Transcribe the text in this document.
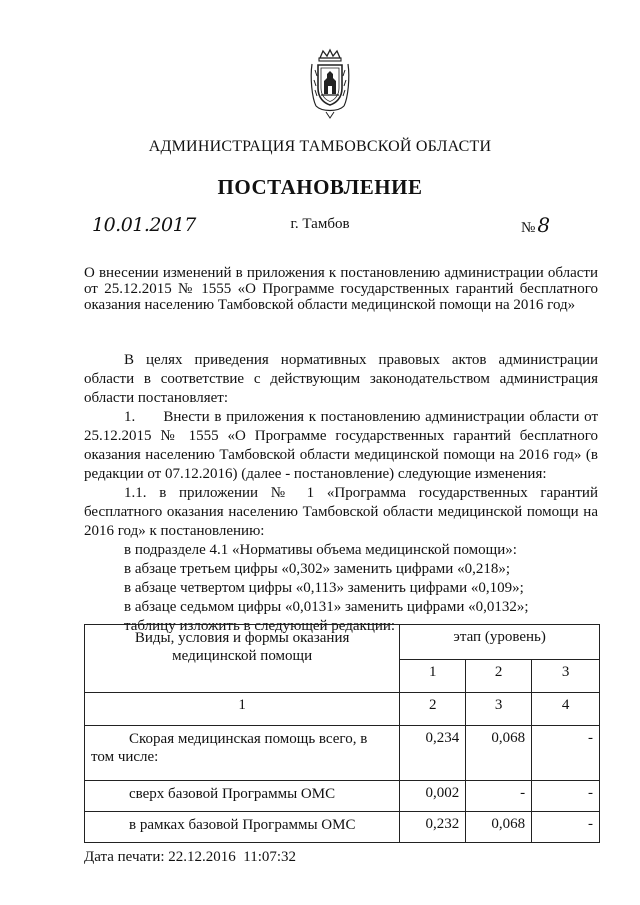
АДМИНИСТРАЦИЯ ТАМБОВСКОЙ ОБЛАСТИ
ПОСТАНОВЛЕНИЕ
10.01.2017	г. Тамбов	№ 8
О внесении изменений в приложения к постановлению администрации области от 25.12.2015 № 1555 «О Программе государственных гарантий бесплатного оказания населению Тамбовской области медицинской помощи на 2016 год»

В целях приведения нормативных правовых актов администрации области в соответствие с действующим законодательством администрация области постановляет:

1.      Внести в приложения к постановлению администрации области от 25.12.2015 № 1555 «О Программе государственных гарантий бесплатного оказания населению Тамбовской области медицинской помощи на 2016 год» (в редакции от 07.12.2016) (далее - постановление) следующие изменения:

1.1. в приложении № 1 «Программа государственных гарантий бесплатного оказания населению Тамбовской области медицинской помощи на 2016 год» к постановлению:

в подразделе 4.1 «Нормативы объема медицинской помощи»:

в абзаце третьем цифры «0,302» заменить цифрами «0,218»;

в абзаце четвертом цифры «0,113» заменить цифрами «0,109»;

в абзаце седьмом цифры «0,0131» заменить цифрами «0,0132»;

таблицу изложить в следующей редакции:

Виды, условия и формы оказания медицинской помощи	этап (уровень)		
	1	2	3
1	2	3	4

Скорая медицинская помощь всего, в том числе:	0,234	0,068	-
сверх базовой Программы ОМС	0,002	-	-
в рамках базовой Программы ОМС	0,232	0,068	-
Дата печати: 22.12.2016  11:07:32
